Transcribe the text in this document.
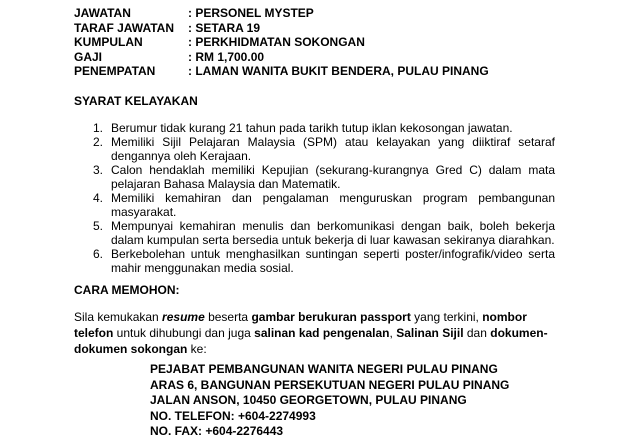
JAWATAN	: PERSONEL MYSTEP
TARAF JAWATAN	: SETARA 19
KUMPULAN	: PERKHIDMATAN SOKONGAN
GAJI	: RM 1,700.00
PENEMPATAN	: LAMAN WANITA BUKIT BENDERA, PULAU PINANG
SYARAT KELAYAKAN
1. Berumur tidak kurang 21 tahun pada tarikh tutup iklan kekosongan jawatan.
2. Memiliki Sijil Pelajaran Malaysia (SPM) atau kelayakan yang diiktiraf setaraf dengannya oleh Kerajaan.
3. Calon hendaklah memiliki Kepujian (sekurang-kurangnya Gred C) dalam mata pelajaran Bahasa Malaysia dan Matematik.
4. Memiliki kemahiran dan pengalaman menguruskan program pembangunan masyarakat.
5. Mempunyai kemahiran menulis dan berkomunikasi dengan baik, boleh bekerja dalam kumpulan serta bersedia untuk bekerja di luar kawasan sekiranya diarahkan.
6. Berkebolehan untuk menghasilkan suntingan seperti poster/infografik/video serta mahir menggunakan media sosial.
CARA MEMOHON:

Sila kemukakan resume beserta gambar berukuran passport yang terkini, nombor telefon untuk dihubungi dan juga salinan kad pengenalan, Salinan Sijil dan dokumen-dokumen sokongan ke:

PEJABAT PEMBANGUNAN WANITA NEGERI PULAU PINANG
ARAS 6, BANGUNAN PERSEKUTUAN NEGERI PULAU PINANG
JALAN ANSON, 10450 GEORGETOWN, PULAU PINANG
NO. TELEFON: +604-2274993
NO. FAX: +604-2276443
